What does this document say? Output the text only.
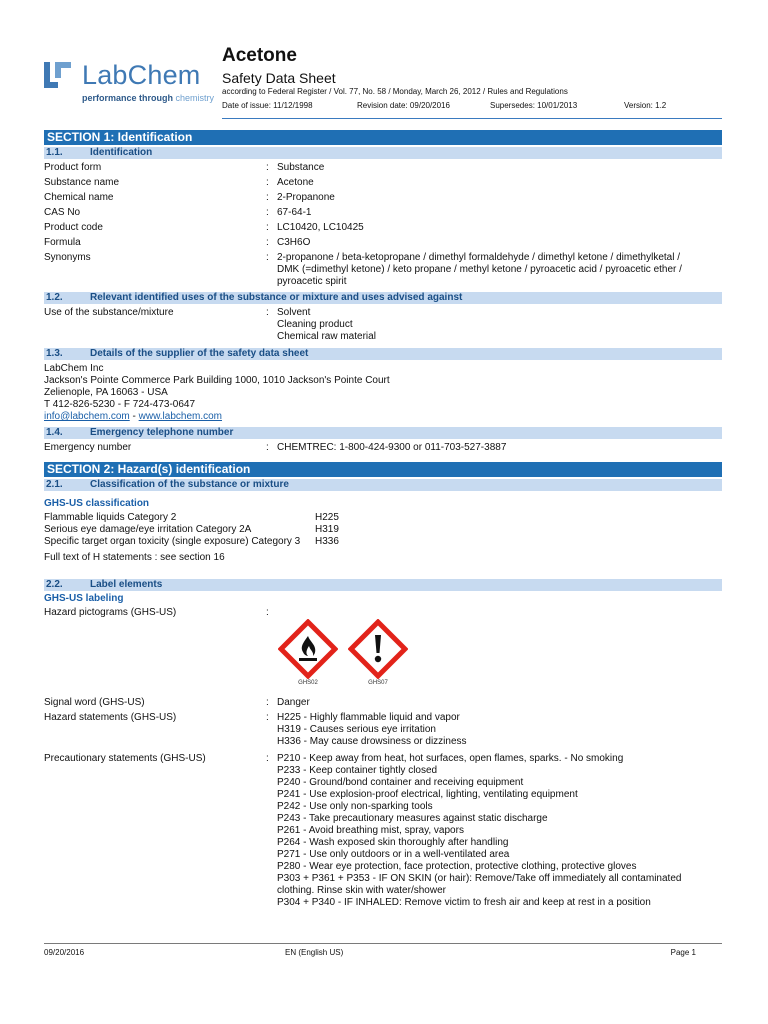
LabChem
performance through chemistry
Acetone
Safety Data Sheet
according to Federal Register / Vol. 77, No. 58 / Monday, March 26, 2012 / Rules and Regulations
Date of issue: 11/12/1998	Revision date: 09/20/2016	Supersedes: 10/01/2013	Version: 1.2
SECTION 1: Identification
1.1.	Identification
Product form	: Substance
Substance name	: Acetone
Chemical name	: 2-Propanone
CAS No	: 67-64-1
Product code	: LC10420, LC10425
Formula	: C3H6O
Synonyms	: 2-propanone / beta-ketopropane / dimethyl formaldehyde / dimethyl ketone / dimethylketal /
DMK (=dimethyl ketone) / keto propane / methyl ketone / pyroacetic acid / pyroacetic ether /
pyroacetic spirit
1.2.	Relevant identified uses of the substance or mixture and uses advised against
Use of the substance/mixture	: Solvent
Cleaning product
Chemical raw material
1.3.	Details of the supplier of the safety data sheet
LabChem Inc
Jackson's Pointe Commerce Park Building 1000, 1010 Jackson's Pointe Court
Zelienople, PA 16063 - USA
T 412-826-5230 - F 724-473-0647
info@labchem.com - www.labchem.com
1.4.	Emergency telephone number
Emergency number	: CHEMTREC: 1-800-424-9300 or 011-703-527-3887
SECTION 2: Hazard(s) identification
2.1.	Classification of the substance or mixture
GHS-US classification
Flammable liquids Category 2	H225
Serious eye damage/eye irritation Category 2A	H319
Specific target organ toxicity (single exposure) Category 3	H336
Full text of H statements : see section 16
2.2.	Label elements
GHS-US labeling
Hazard pictograms (GHS-US)	:
GHS02	GHS07
Signal word (GHS-US)	: Danger
Hazard statements (GHS-US)	: H225 - Highly flammable liquid and vapor
H319 - Causes serious eye irritation
H336 - May cause drowsiness or dizziness
Precautionary statements (GHS-US)	: P210 - Keep away from heat, hot surfaces, open flames, sparks. - No smoking
P233 - Keep container tightly closed
P240 - Ground/bond container and receiving equipment
P241 - Use explosion-proof electrical, lighting, ventilating equipment
P242 - Use only non-sparking tools
P243 - Take precautionary measures against static discharge
P261 - Avoid breathing mist, spray, vapors
P264 - Wash exposed skin thoroughly after handling
P271 - Use only outdoors or in a well-ventilated area
P280 - Wear eye protection, face protection, protective clothing, protective gloves
P303 + P361 + P353 - IF ON SKIN (or hair): Remove/Take off immediately all contaminated
clothing. Rinse skin with water/shower
P304 + P340 - IF INHALED: Remove victim to fresh air and keep at rest in a position
09/20/2016	EN (English US)	Page 1
